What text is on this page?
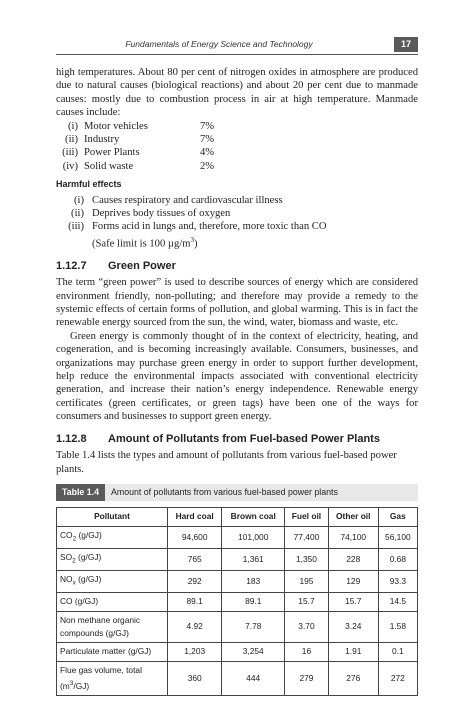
Fundamentals of Energy Science and Technology	17

high temperatures. About 80 per cent of nitrogen oxides in atmosphere are produced due to natural causes (biological reactions) and about 20 per cent due to manmade causes: mostly due to combustion process in air at high temperature. Manmade causes include:

(i) Motor vehicles	7%
(ii) Industry	7%
(iii) Power Plants	4%
(iv) Solid waste	2%
Harmful effects
(i) Causes respiratory and cardiovascular illness
(ii) Deprives body tissues of oxygen
(iii) Forms acid in lungs and, therefore, more toxic than CO
(Safe limit is 100 $\mu g/m^3$)
1.12.7 Green Power

The term “green power” is used to describe sources of energy which are considered environment friendly, non-polluting; and therefore may provide a remedy to the systemic effects of certain forms of pollution, and global warming. This is in fact the renewable energy sourced from the sun, the wind, water, biomass and waste, etc.

Green energy is commonly thought of in the context of electricity, heating, and cogeneration, and is becoming increasingly available. Consumers, businesses, and organizations may purchase green energy in order to support further development, help reduce the environmental impacts associated with conventional electricity generation, and increase their nation’s energy independence. Renewable energy certificates (green certificates, or green tags) have been one of the ways for consumers and businesses to support green energy.

1.12.8 Amount of Pollutants from Fuel-based Power Plants

Table 1.4 lists the types and amount of pollutants from various fuel-based power plants.

Table 1.4	Amount of pollutants from various fuel-based power plants
Pollutant	Hard coal	Brown coal	Fuel oil	Other oil	Gas
$CO_2$ (g/GJ)	94,600	101,000	77,400	74,100	56,100
$SO_2$ (g/GJ)	765	1,361	1,350	228	0.68
$NO_x$ (g/GJ)	292	183	195	129	93.3
CO (g/GJ)	89.1	89.1	15.7	15.7	14.5
Non methane organic compounds (g/GJ)	4.92	7.78	3.70	3.24	1.58
Particulate matter (g/GJ)	1,203	3,254	16	1.91	0.1
Flue gas volume, total $(m^3/GJ)$	360	444	279	276	272
